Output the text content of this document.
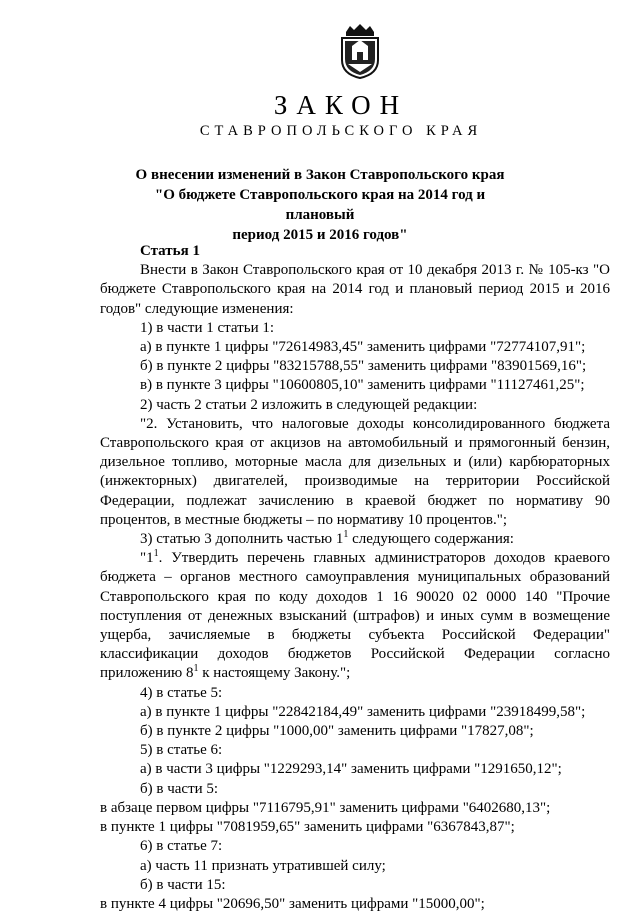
ЗАКОН
СТАВРОПОЛЬСКОГО КРАЯ
О внесении изменений в Закон Ставропольского края
"О бюджете Ставропольского края на 2014 год и плановый
период 2015 и 2016 годов"
Статья 1

Внести в Закон Ставропольского края от 10 декабря 2013 г. № 105-кз "О бюджете Ставропольского края на 2014 год и плановый период 2015 и 2016 годов" следующие изменения:

1) в части 1 статьи 1:
а) в пункте 1 цифры "72614983,45" заменить цифрами "72774107,91";
б) в пункте 2 цифры "83215788,55" заменить цифрами "83901569,16";
в) в пункте 3 цифры "10600805,10" заменить цифрами "11127461,25";
2) часть 2 статьи 2 изложить в следующей редакции:

"2. Установить, что налоговые доходы консолидированного бюджета Ставропольского края от акцизов на автомобильный и прямогонный бензин, дизельное топливо, моторные масла для дизельных и (или) карбюраторных (инжекторных) двигателей, производимые на территории Российской Федерации, подлежат зачислению в краевой бюджет по нормативу 90 процентов, в местные бюджеты – по нормативу 10 процентов.";

3) статью 3 дополнить частью $1^1$ следующего содержания:

"$1^1$. Утвердить перечень главных администраторов доходов краевого бюджета – органов местного самоуправления муниципальных образований Ставропольского края по коду доходов 1 16 90020 02 0000 140 "Прочие поступления от денежных взысканий (штрафов) и иных сумм в возмещение ущерба, зачисляемые в бюджеты субъекта Российской Федерации" классификации доходов бюджетов Российской Федерации согласно приложению $8^1$ к настоящему Закону.";

4) в статье 5:
а) в пункте 1 цифры "22842184,49" заменить цифрами "23918499,58";
б) в пункте 2 цифры "1000,00" заменить цифрами "17827,08";
5) в статье 6:
а) в части 3 цифры "1229293,14" заменить цифрами "1291650,12";
б) в части 5:
в абзаце первом цифры "7116795,91" заменить цифрами "6402680,13";
в пункте 1 цифры "7081959,65" заменить цифрами "6367843,87";
6) в статье 7:
а) часть 11 признать утратившей силу;
б) в части 15:
в пункте 4 цифры "20696,50" заменить цифрами "15000,00";
